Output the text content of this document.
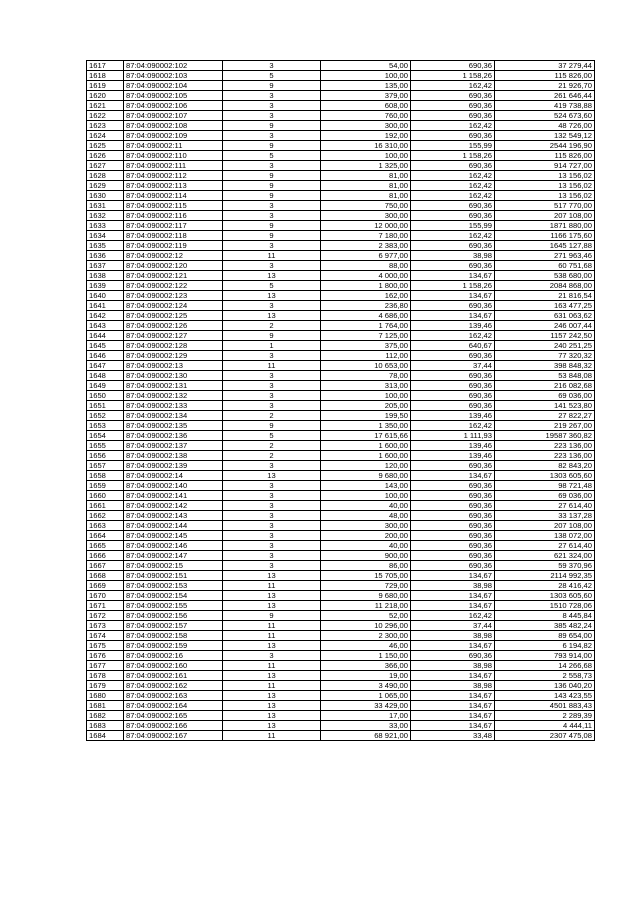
1617	87:04:090002:102	3	54,00	690,36	37 279,44
1618	87:04:090002:103	5	100,00	1 158,26	115 826,00
1619	87:04:090002:104	9	135,00	162,42	21 926,70
1620	87:04:090002:105	3	379,00	690,36	261 646,44
1621	87:04:090002:106	3	608,00	690,36	419 738,88
1622	87:04:090002:107	3	760,00	690,36	524 673,60
1623	87:04:090002:108	9	300,00	162,42	48 726,00
1624	87:04:090002:109	3	192,00	690,36	132 549,12
1625	87:04:090002:11	9	16 310,00	155,99	2544 196,90
1626	87:04:090002:110	5	100,00	1 158,26	115 826,00
1627	87:04:090002:111	3	1 325,00	690,36	914 727,00
1628	87:04:090002:112	9	81,00	162,42	13 156,02
1629	87:04:090002:113	9	81,00	162,42	13 156,02
1630	87:04:090002:114	9	81,00	162,42	13 156,02
1631	87:04:090002:115	3	750,00	690,36	517 770,00
1632	87:04:090002:116	3	300,00	690,36	207 108,00
1633	87:04:090002:117	9	12 000,00	155,99	1871 880,00
1634	87:04:090002:118	9	7 180,00	162,42	1166 175,60
1635	87:04:090002:119	3	2 383,00	690,36	1645 127,88
1636	87:04:090002:12	11	6 977,00	38,98	271 963,46
1637	87:04:090002:120	3	88,00	690,36	60 751,68
1638	87:04:090002:121	13	4 000,00	134,67	538 680,00
1639	87:04:090002:122	5	1 800,00	1 158,26	2084 868,00
1640	87:04:090002:123	13	162,00	134,67	21 816,54
1641	87:04:090002:124	3	236,80	690,36	163 477,25
1642	87:04:090002:125	13	4 686,00	134,67	631 063,62
1643	87:04:090002:126	2	1 764,00	139,46	246 007,44
1644	87:04:090002:127	9	7 125,00	162,42	1157 242,50
1645	87:04:090002:128	1	375,00	640,67	240 251,25
1646	87:04:090002:129	3	112,00	690,36	77 320,32
1647	87:04:090002:13	11	10 653,00	37,44	398 848,32
1648	87:04:090002:130	3	78,00	690,36	53 848,08
1649	87:04:090002:131	3	313,00	690,36	216 082,68
1650	87:04:090002:132	3	100,00	690,36	69 036,00
1651	87:04:090002:133	3	205,00	690,36	141 523,80
1652	87:04:090002:134	2	199,50	139,46	27 822,27
1653	87:04:090002:135	9	1 350,00	162,42	219 267,00
1654	87:04:090002:136	5	17 615,66	1 111,93	19587 360,82
1655	87:04:090002:137	2	1 600,00	139,46	223 136,00
1656	87:04:090002:138	2	1 600,00	139,46	223 136,00
1657	87:04:090002:139	3	120,00	690,36	82 843,20
1658	87:04:090002:14	13	9 680,00	134,67	1303 605,60
1659	87:04:090002:140	3	143,00	690,36	98 721,48
1660	87:04:090002:141	3	100,00	690,36	69 036,00
1661	87:04:090002:142	3	40,00	690,36	27 614,40
1662	87:04:090002:143	3	48,00	690,36	33 137,28
1663	87:04:090002:144	3	300,00	690,36	207 108,00
1664	87:04:090002:145	3	200,00	690,36	138 072,00
1665	87:04:090002:146	3	40,00	690,36	27 614,40
1666	87:04:090002:147	3	900,00	690,36	621 324,00
1667	87:04:090002:15	3	86,00	690,36	59 370,96
1668	87:04:090002:151	13	15 705,00	134,67	2114 992,35
1669	87:04:090002:153	11	729,00	38,98	28 416,42
1670	87:04:090002:154	13	9 680,00	134,67	1303 605,60
1671	87:04:090002:155	13	11 218,00	134,67	1510 728,06
1672	87:04:090002:156	9	52,00	162,42	8 445,84
1673	87:04:090002:157	11	10 296,00	37,44	385 482,24
1674	87:04:090002:158	11	2 300,00	38,98	89 654,00
1675	87:04:090002:159	13	46,00	134,67	6 194,82
1676	87:04:090002:16	3	1 150,00	690,36	793 914,00
1677	87:04:090002:160	11	366,00	38,98	14 266,68
1678	87:04:090002:161	13	19,00	134,67	2 558,73
1679	87:04:090002:162	11	3 490,00	38,98	136 040,20
1680	87:04:090002:163	13	1 065,00	134,67	143 423,55
1681	87:04:090002:164	13	33 429,00	134,67	4501 883,43
1682	87:04:090002:165	13	17,00	134,67	2 289,39
1683	87:04:090002:166	13	33,00	134,67	4 444,11
1684	87:04:090002:167	11	68 921,00	33,48	2307 475,08
